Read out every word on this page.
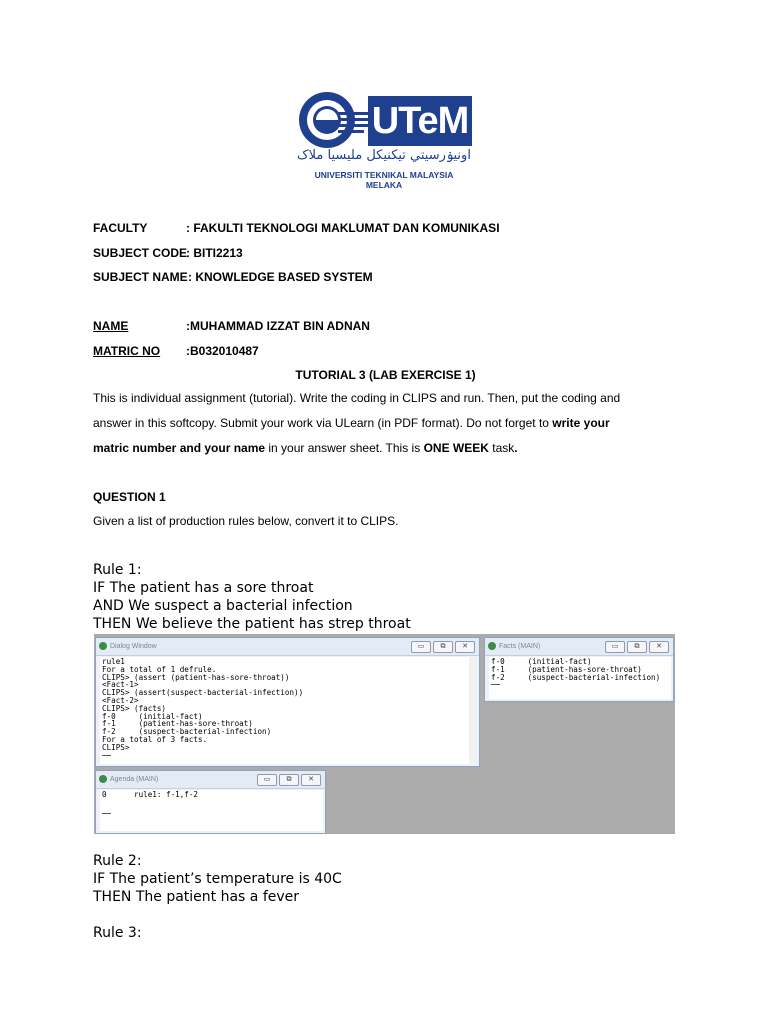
UTeM
اونيۏرسيتي تيكنيكل مليسيا ملاک
UNIVERSITI TEKNIKAL MALAYSIA MELAKA
FACULTY	: FAKULTI TEKNOLOGI MAKLUMAT DAN KOMUNIKASI
SUBJECT CODE
: BITI2213
SUBJECT NAME : KNOWLEDGE BASED SYSTEM
NAME	:MUHAMMAD IZZAT BIN ADNAN
MATRIC NO :B032010487
TUTORIAL 3 (LAB EXERCISE 1)
This is individual assignment (tutorial). Write the coding in CLIPS and run. Then, put the coding and
answer in this softcopy. Submit your work via ULearn (in PDF format). Do not forget to write your
matric number and your name in your answer sheet. This is ONE WEEK task.
QUESTION 1
Given a list of production rules below, convert it to CLIPS.
Rule 1:
IF The patient has a sore throat
AND We suspect a bacterial infection
THEN We believe the patient has strep throat
Dialog Window	▭	⧉	✕
rule1
For a total of 1 defrule.
CLIPS> (assert (patient-has-sore-throat))
<Fact-1>
CLIPS> (assert(suspect-bacterial-infection))
<Fact-2>
CLIPS> (facts)
f-0     (initial-fact)
f-1     (patient-has-sore-throat)
f-2     (suspect-bacterial-infection)
For a total of 3 facts.
CLIPS>
Facts (MAIN)	▭	⧉	✕
f-0     (initial-fact)
f-1     (patient-has-sore-throat)
f-2     (suspect-bacterial-infection)
Agenda (MAIN)	▭	⧉	✕
0      rule1: f-1,f-2

Rule 2:
IF The patient’s temperature is 40C
THEN The patient has a fever
Rule 3:
